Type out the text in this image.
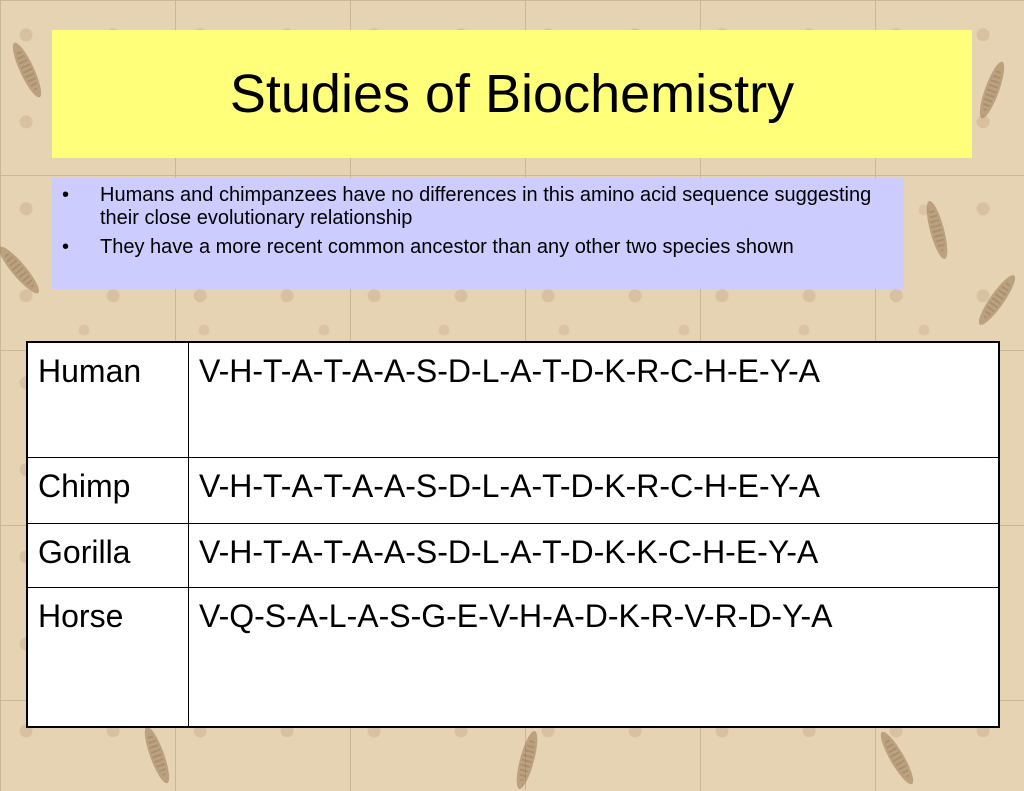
Studies of Biochemistry
•	Humans and chimpanzees have no differences in this amino acid sequence suggesting their close evolutionary relationship
•	They have a more recent common ancestor than any other two species shown
Human	V-H-T-A-T-A-A-S-D-L-A-T-D-K-R-C-H-E-Y-A
Chimp	V-H-T-A-T-A-A-S-D-L-A-T-D-K-R-C-H-E-Y-A
Gorilla	V-H-T-A-T-A-A-S-D-L-A-T-D-K-K-C-H-E-Y-A
Horse	V-Q-S-A-L-A-S-G-E-V-H-A-D-K-R-V-R-D-Y-A
